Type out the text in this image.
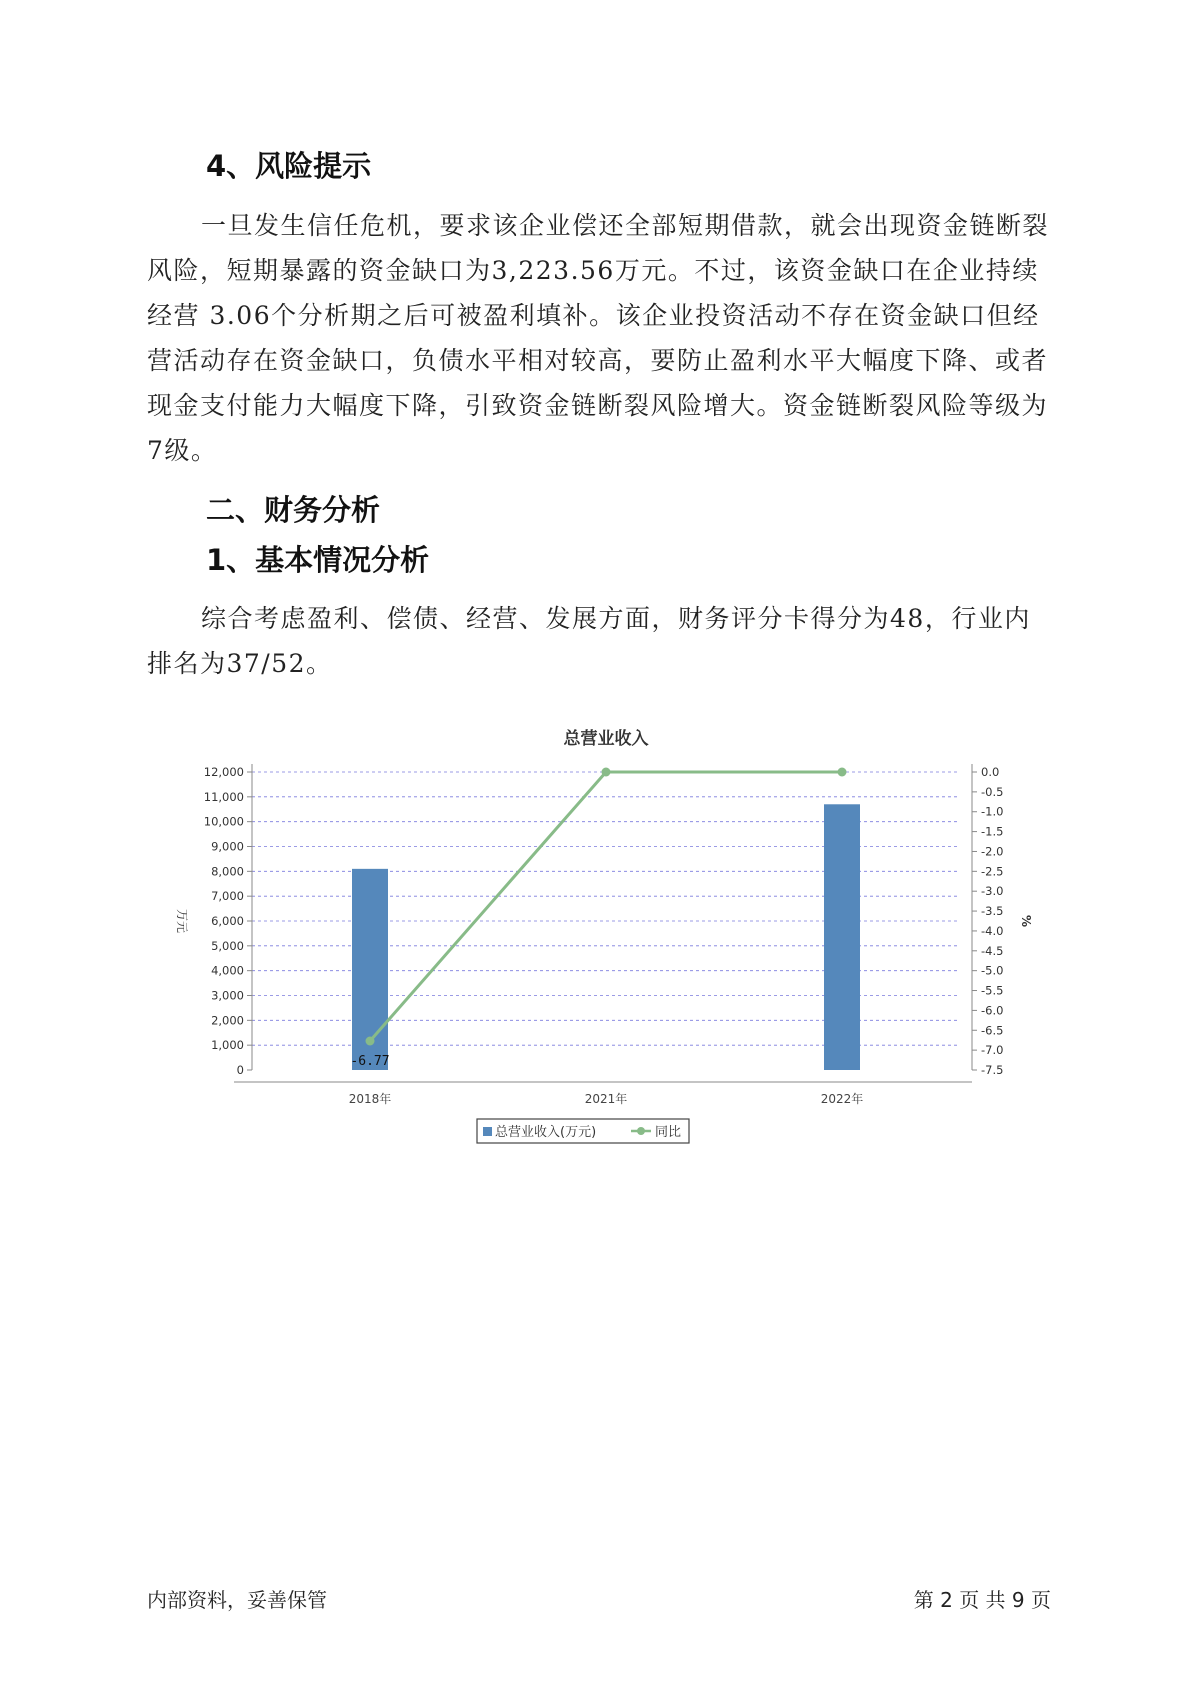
4、风险提示

一旦发生信任危机，要求该企业偿还全部短期借款，就会出现资金链断裂风险，短期暴露的资金缺口为3,223.56万元。不过，该资金缺口在企业持续经营 3.06个分析期之后可被盈利填补。该企业投资活动不存在资金缺口但经营活动存在资金缺口，负债水平相对较高，要防止盈利水平大幅度下降、或者现金支付能力大幅度下降，引致资金链断裂风险增大。资金链断裂风险等级为7级。

二、财务分析
1、基本情况分析

综合考虑盈利、偿债、经营、发展方面，财务评分卡得分为48，行业内排名为37/52。

总营业收入
0
1,000
2,000
3,000
4,000
5,000
6,000
7,000
8,000
9,000
10,000
11,000
12,000	0.0
-0.5
-1.0
-1.5
-2.0
-2.5
-3.0
-3.5
-4.0
-4.5
-5.0
-5.5
-6.0
-6.5
-7.0
-7.5
万元	%
2018年	2021年	2022年
-6.77
总营业收入(万元)	同比
内部资料，妥善保管	第 2 页 共 9 页
